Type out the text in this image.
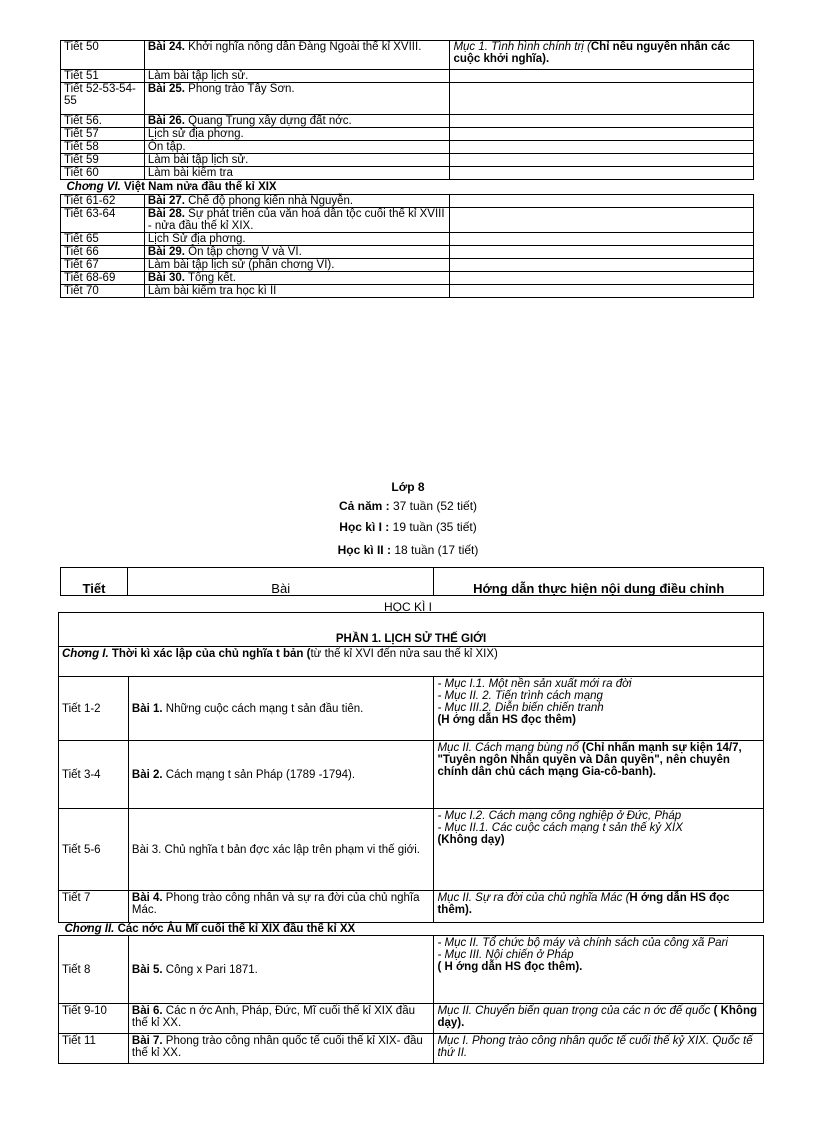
Tiết 50	Bài 24. Khởi nghĩa nông dân Đàng Ngoài thế kỉ XVIII.	Mục 1. Tình hình chính trị (Chỉ nêu nguyên nhân các cuộc khởi nghĩa).
Tiết 51	Làm bài tập lịch sử.	
Tiết 52-53-54-55	Bài 25. Phong trào Tây Sơn.	
Tiết 56.	Bài 26. Quang Trung xây dựng đất nớc.	
Tiết 57	Lịch sử địa phơng.	
Tiết 58	Ôn tập.	
Tiết 59	Làm bài tập lịch sử.	
Tiết 60	Làm bài kiểm tra	
Chơng VI. Việt Nam nửa đầu thế kỉ XIX		
Tiết 61-62	Bài 27. Chế độ phong kiến nhà Nguyễn.	
Tiết 63-64	Bài 28. Sự phát triển của văn hoá dân tộc cuối thế kỉ XVIII - nửa đầu thế kỉ XIX.	
Tiết 65	Lịch Sử địa phơng.	
Tiết 66	Bài 29. Ôn tập chơng V và VI.	
Tiết 67	Làm bài tập lịch sử (phần chơng VI).	
Tiết 68-69	Bài 30. Tổng kết.	
Tiết 70	Làm bài kiểm tra học kì II	
Lớp 8
Cả năm : 37 tuần (52 tiết)
Học kì I : 19 tuần (35 tiết)
Học kì II : 18 tuần (17 tiết)
Tiết	Bài	Hớng dẫn thực hiện nội dung điều chỉnh
HỌC KÌ I
PHẦN 1. LỊCH SỬ THẾ GIỚI		
Chơng I. Thời kì xác lập của chủ nghĩa t bản (từ thế kỉ XVI đến nửa sau thế kỉ XIX)		
Tiết 1-2	Bài 1. Những cuộc cách mạng t sản đầu tiên.	- Mục I.1. Một nền sản xuất mới ra đời
- Mục II. 2. Tiến trình cách mạng
- Mục III.2. Diễn biến chiến tranh
(H ớng dẫn HS đọc thêm)

Tiết 3-4	Bài 2. Cách mạng t sản Pháp (1789 -1794).	Mục II. Cách mạng bùng nổ (Chỉ nhấn mạnh sự kiện 14/7, "Tuyên ngôn Nhân quyền và Dân quyền", nên chuyên chính dân chủ cách mạng Gia-cô-banh).
Tiết 5-6	Bài 3. Chủ nghĩa t bản đợc xác lập trên phạm vi thế giới.	- Mục I.2. Cách mạng công nghiệp ở Đức, Pháp
- Mục II.1. Các cuộc cách mạng t sản thế kỷ XIX
(Không dạy)

Tiết 7	Bài 4. Phong trào công nhân và sự ra đời của chủ nghĩa Mác.	Mục II. Sự ra đời của chủ nghĩa Mác (H ớng dẫn HS đọc thêm).
Chơng II. Các nớc Âu Mĩ cuối thế kỉ XIX đầu thế kỉ XX		
Tiết 8	Bài 5. Công x Pari 1871.	- Mục II. Tổ chức bộ máy và chính sách của công xã Pari
- Mục III. Nội chiến ở Pháp
( H ớng dẫn HS đọc thêm).

Tiết 9-10	Bài 6. Các n ớc Anh, Pháp, Đức, Mĩ cuối thế kỉ XIX đầu thế kỉ XX.	Mục II. Chuyển biến quan trọng của các n ớc đế quốc ( Không dạy).
Tiết 11	Bài 7. Phong trào công nhân quốc tế cuối thế kỉ XIX- đầu thế kỉ XX.	Mục I. Phong trào công nhân quốc tế cuối thế kỷ XIX. Quốc tế thứ II.
